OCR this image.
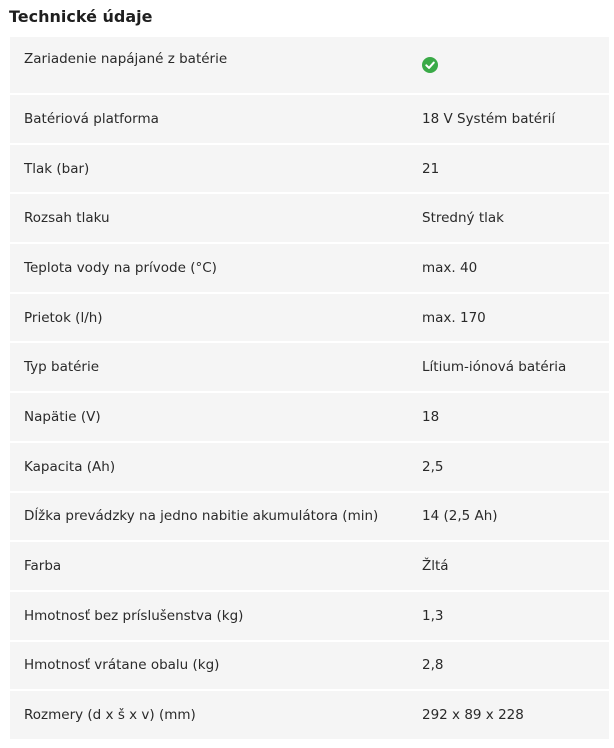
Technické údaje
Zariadenie napájané z batérie
Batériová platforma	18 V Systém batérií
Tlak (bar)	21
Rozsah tlaku	Stredný tlak
Teplota vody na prívode (°C)	max. 40
Prietok (l/h)	max. 170
Typ batérie	Lítium-iónová batéria
Napätie (V)	18
Kapacita (Ah)	2,5
Dĺžka prevádzky na jedno nabitie akumulátora (min)	14 (2,5 Ah)
Farba	Žltá
Hmotnosť bez príslušenstva (kg)	1,3
Hmotnosť vrátane obalu (kg)	2,8
Rozmery (d x š x v) (mm)	292 x 89 x 228
